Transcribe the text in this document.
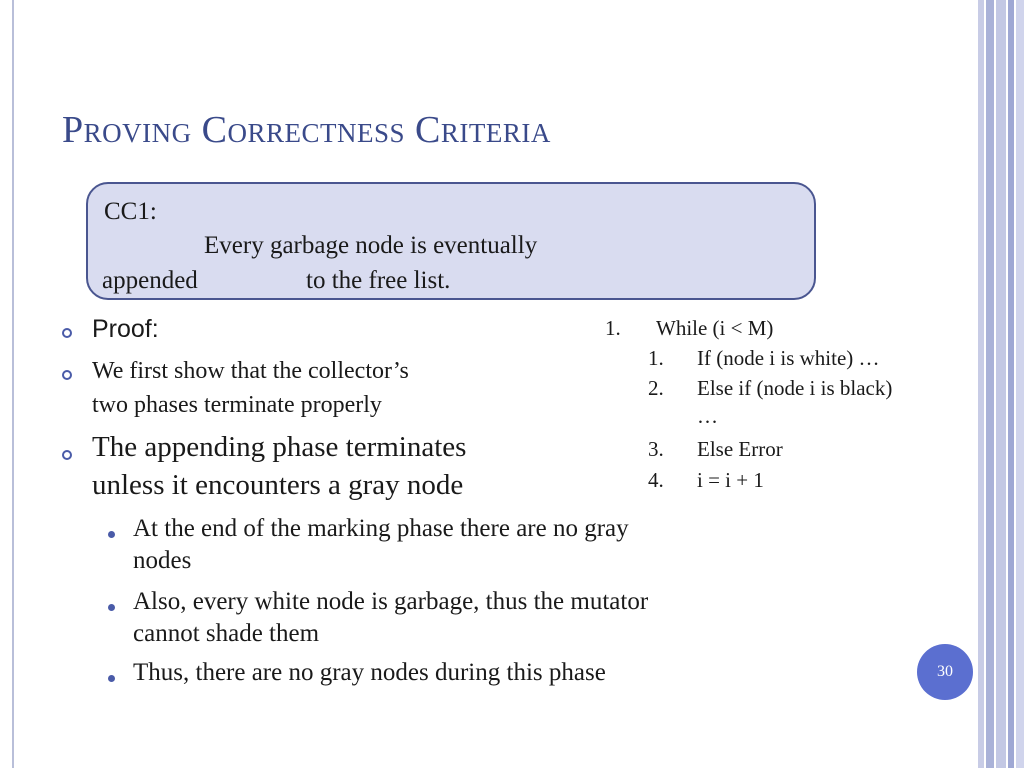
Proving Correctness Criteria
CC1:
Every garbage node is eventually
appended	to the free list.
Proof:
We first show that the collector’s
two phases terminate properly
The appending phase terminates
unless it encounters a gray node
At the end of the marking phase there are no gray
nodes
Also, every white node is garbage, thus the mutator
cannot shade them
Thus, there are no gray nodes during this phase
1. While (i < M)
1. If (node i is white) …
2. Else if (node i is black)
…
3. Else Error
4. i = i + 1
30
